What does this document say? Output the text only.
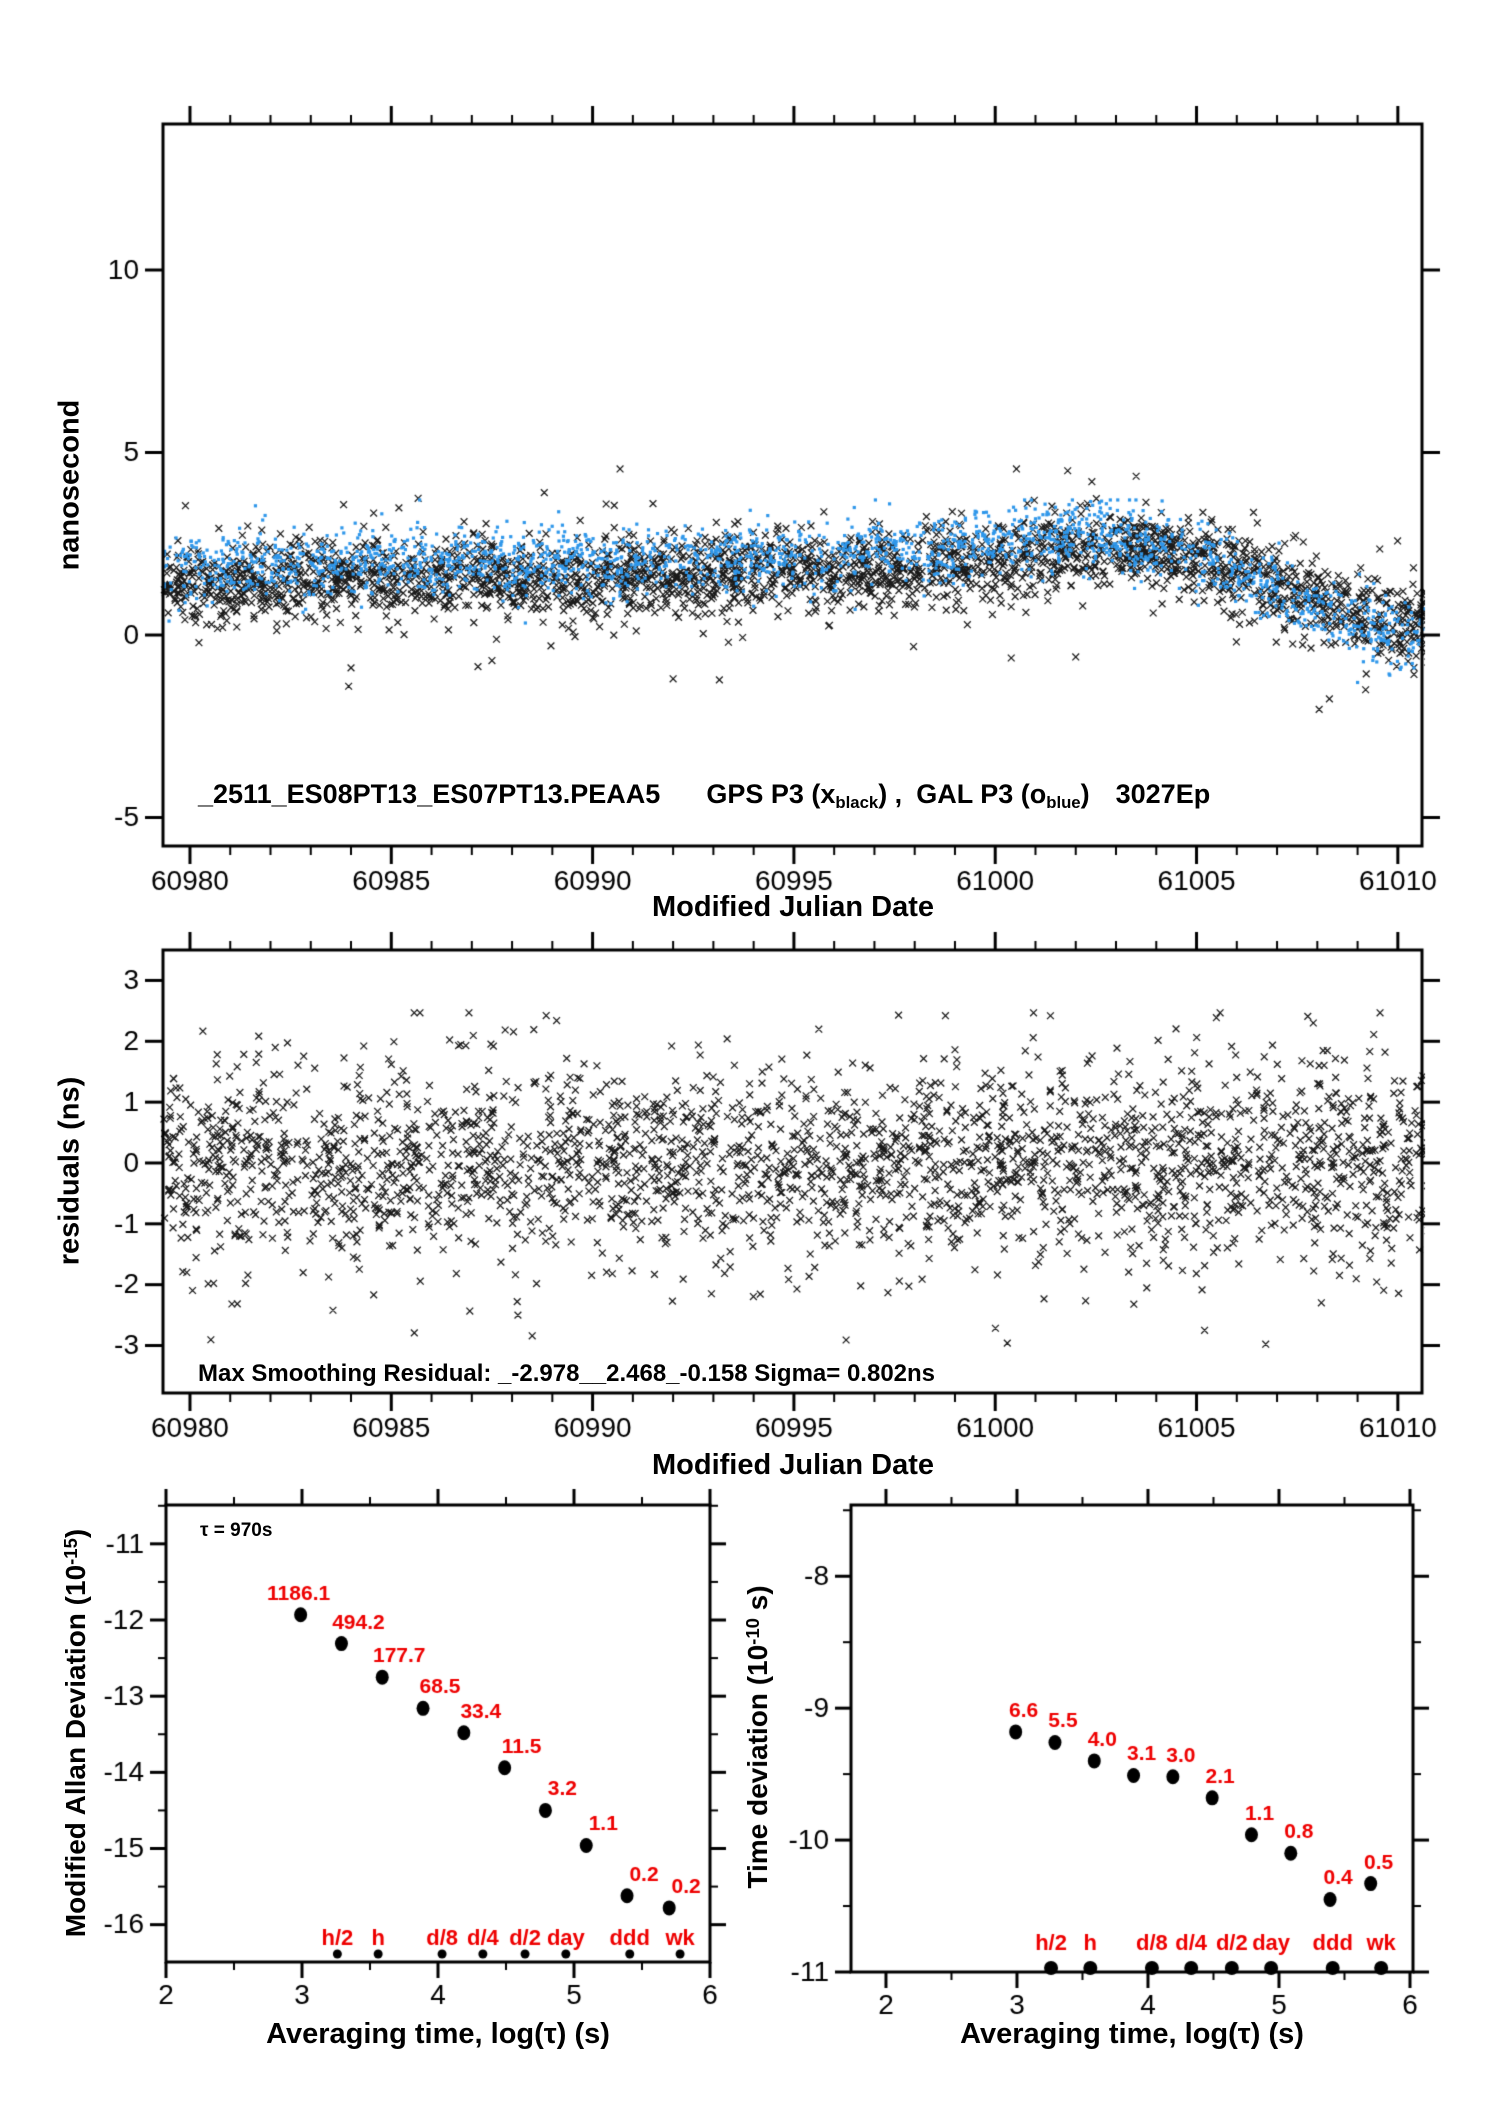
_2511_ES08PT13_ES07PT13.PEAA5 GPS P3 (xblack) , GAL P3 (oblue) 3027Ep
Max Smoothing Residual: _-2.978__2.468_-0.158 Sigma= 0.802ns
τ = 970s
Modified Julian Date
Modified Julian Date
Averaging time, log(τ) (s)	Averaging time, log(τ) (s)
nanosecond
residuals (ns)
Modified Allan Deviation $(10^{-15})$
Time deviation ($10^{-10}$ s)
